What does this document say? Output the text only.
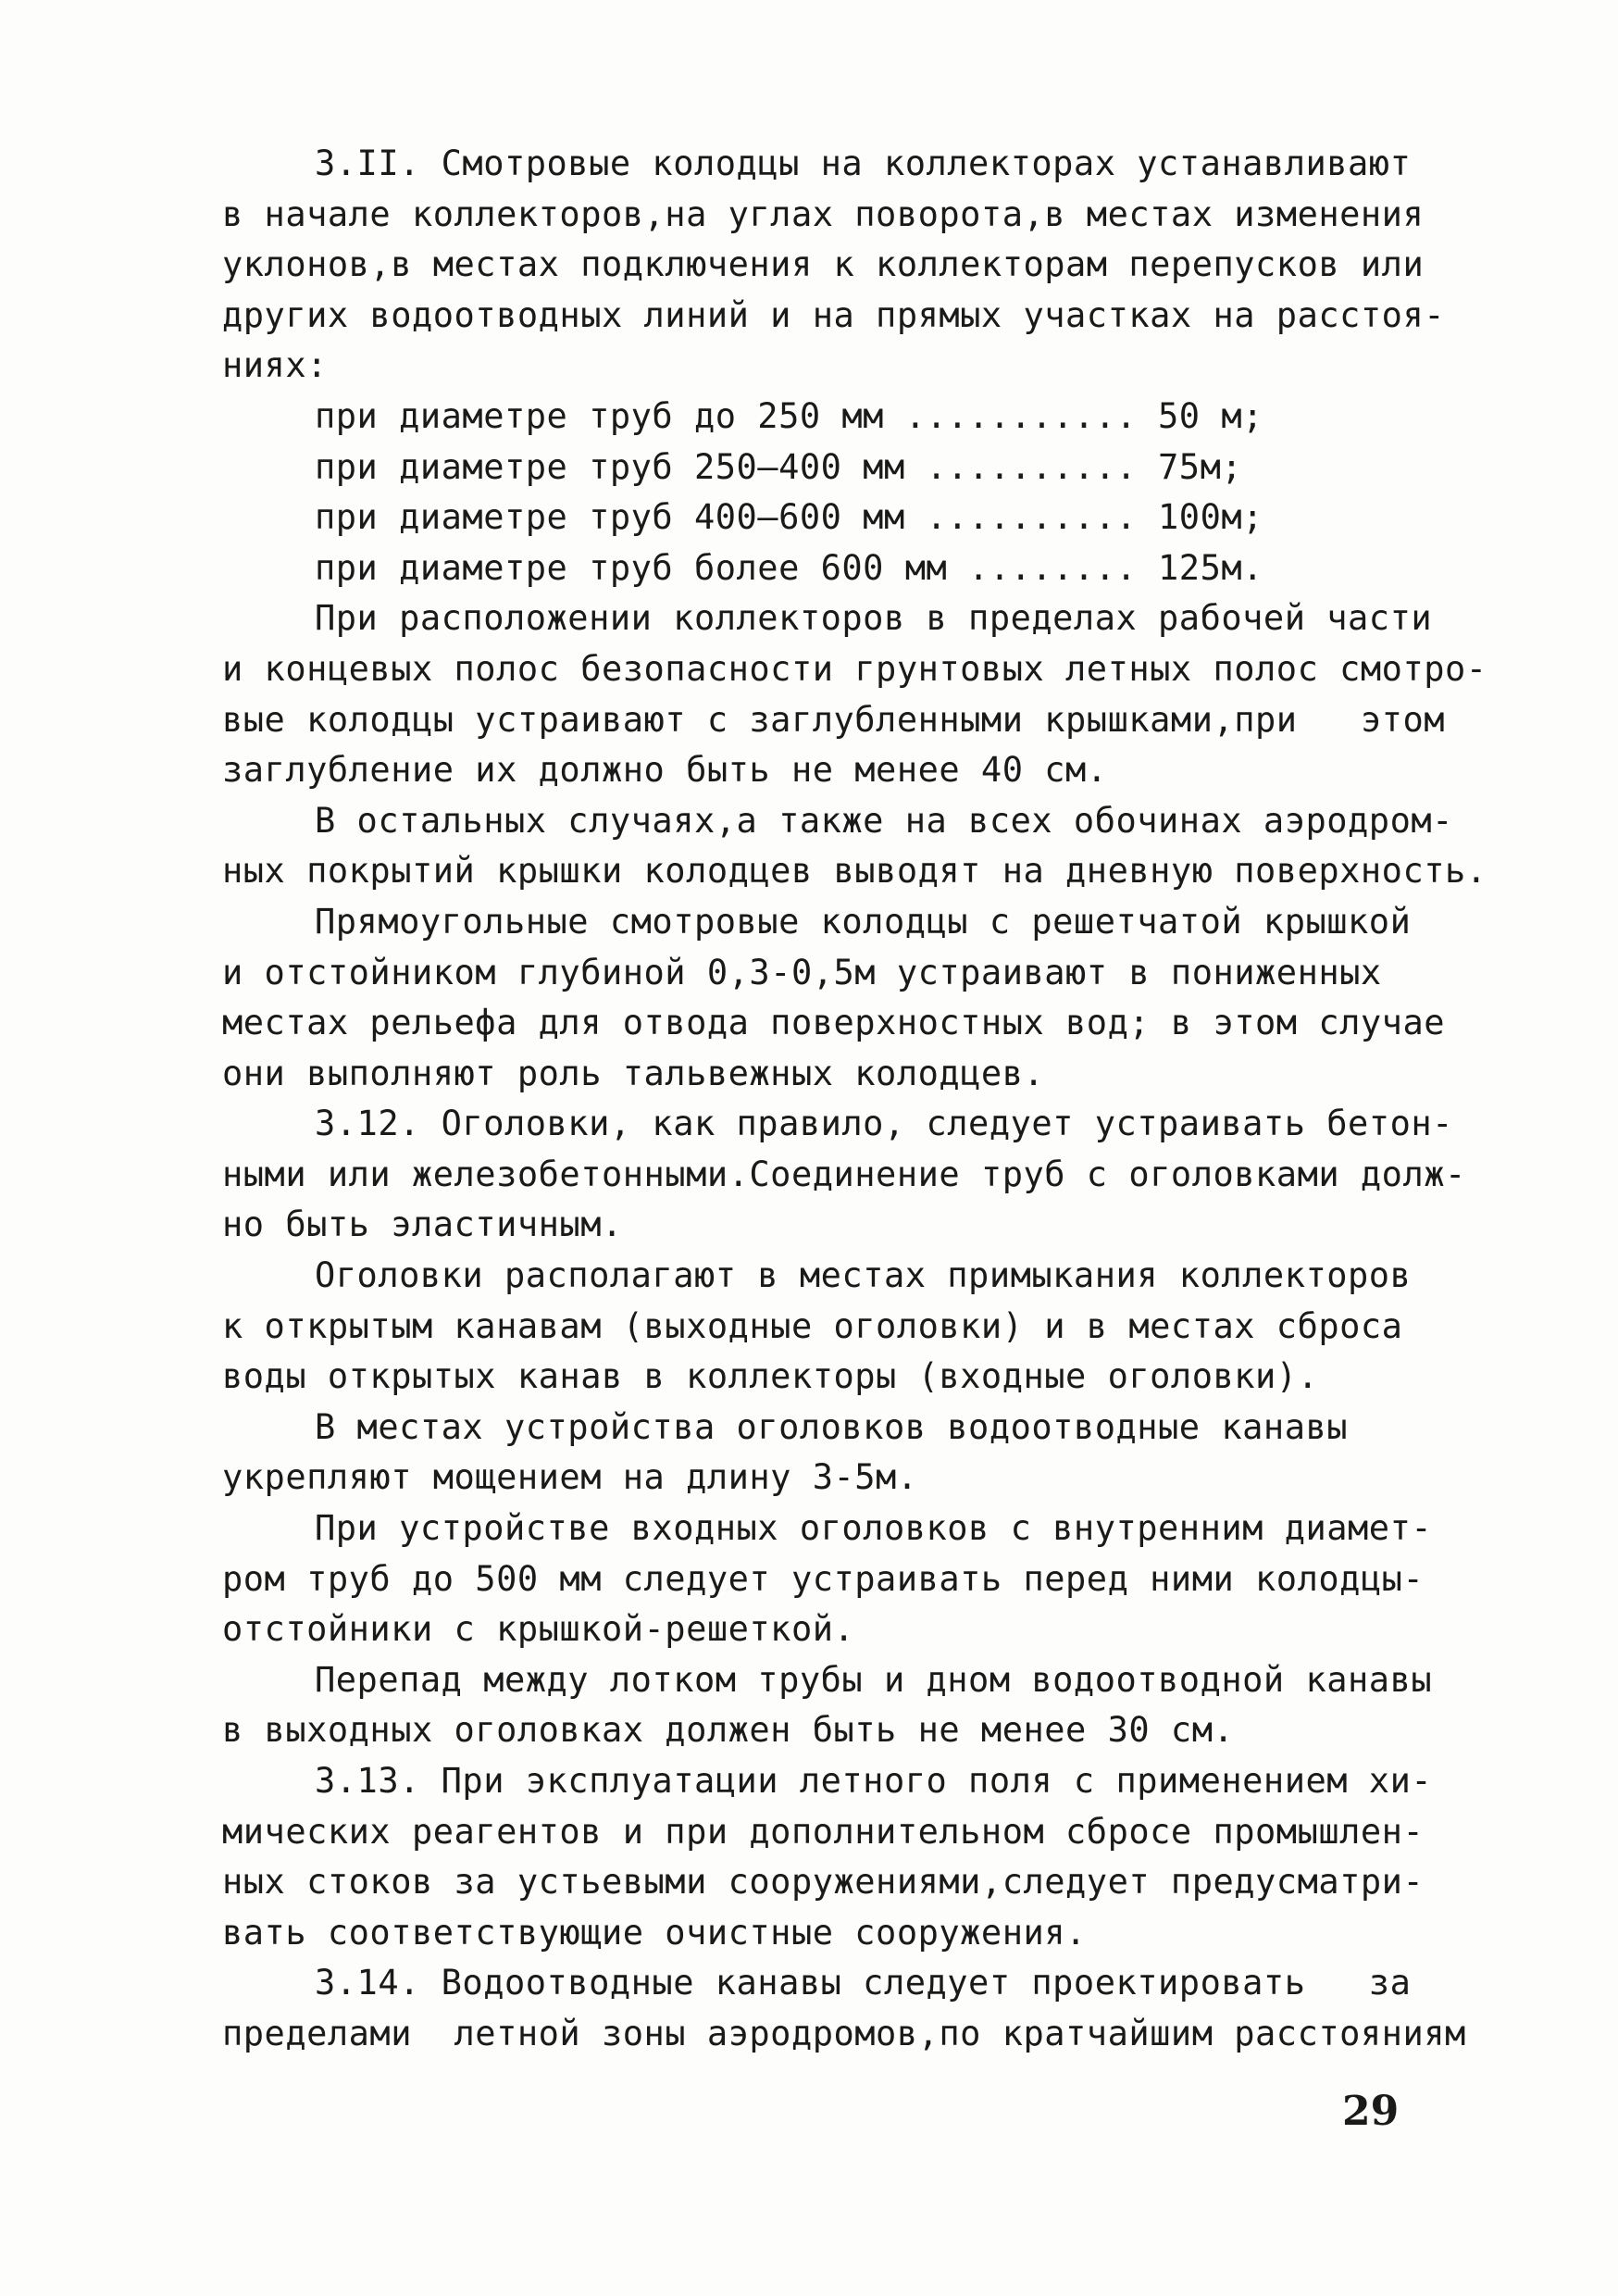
3.II. Смотровые колодцы на коллекторах устанавливают
в начале коллекторов,на углах поворота,в местах изменения
уклонов,в местах подключения к коллекторам перепусков или
других водоотводных линий и на прямых участках на расстоя-
ниях:
при диаметре труб до 250 мм ........... 50 м;
при диаметре труб 250—400 мм .......... 75м;
при диаметре труб 400—600 мм .......... 100м;
при диаметре труб более 600 мм ........ 125м.
При расположении коллекторов в пределах рабочей части
и концевых полос безопасности грунтовых летных полос смотро-
вые колодцы устраивают с заглубленными крышками,при   этом
заглубление их должно быть не менее 40 см.
В остальных случаях,а также на всех обочинах аэродром-
ных покрытий крышки колодцев выводят на дневную поверхность.
Прямоугольные смотровые колодцы с решетчатой крышкой
и отстойником глубиной 0,3-0,5м устраивают в пониженных
местах рельефа для отвода поверхностных вод; в этом случае
они выполняют роль тальвежных колодцев.
3.12. Оголовки, как правило, следует устраивать бетон-
ными или железобетонными.Соединение труб с оголовками долж-
но быть эластичным.
Оголовки располагают в местах примыкания коллекторов
к открытым канавам (выходные оголовки) и в местах сброса
воды открытых канав в коллекторы (входные оголовки).
В местах устройства оголовков водоотводные канавы
укрепляют мощением на длину 3-5м.
При устройстве входных оголовков с внутренним диамет-
ром труб до 500 мм следует устраивать перед ними колодцы-
отстойники с крышкой-решеткой.
Перепад между лотком трубы и дном водоотводной канавы
в выходных оголовках должен быть не менее 30 см.
3.13. При эксплуатации летного поля с применением хи-
мических реагентов и при дополнительном сбросе промышлен-
ных стоков за устьевыми сооружениями,следует предусматри-
вать соответствующие очистные сооружения.
3.14. Водоотводные канавы следует проектировать   за
пределами  летной зоны аэродромов,по кратчайшим расстояниям
29
